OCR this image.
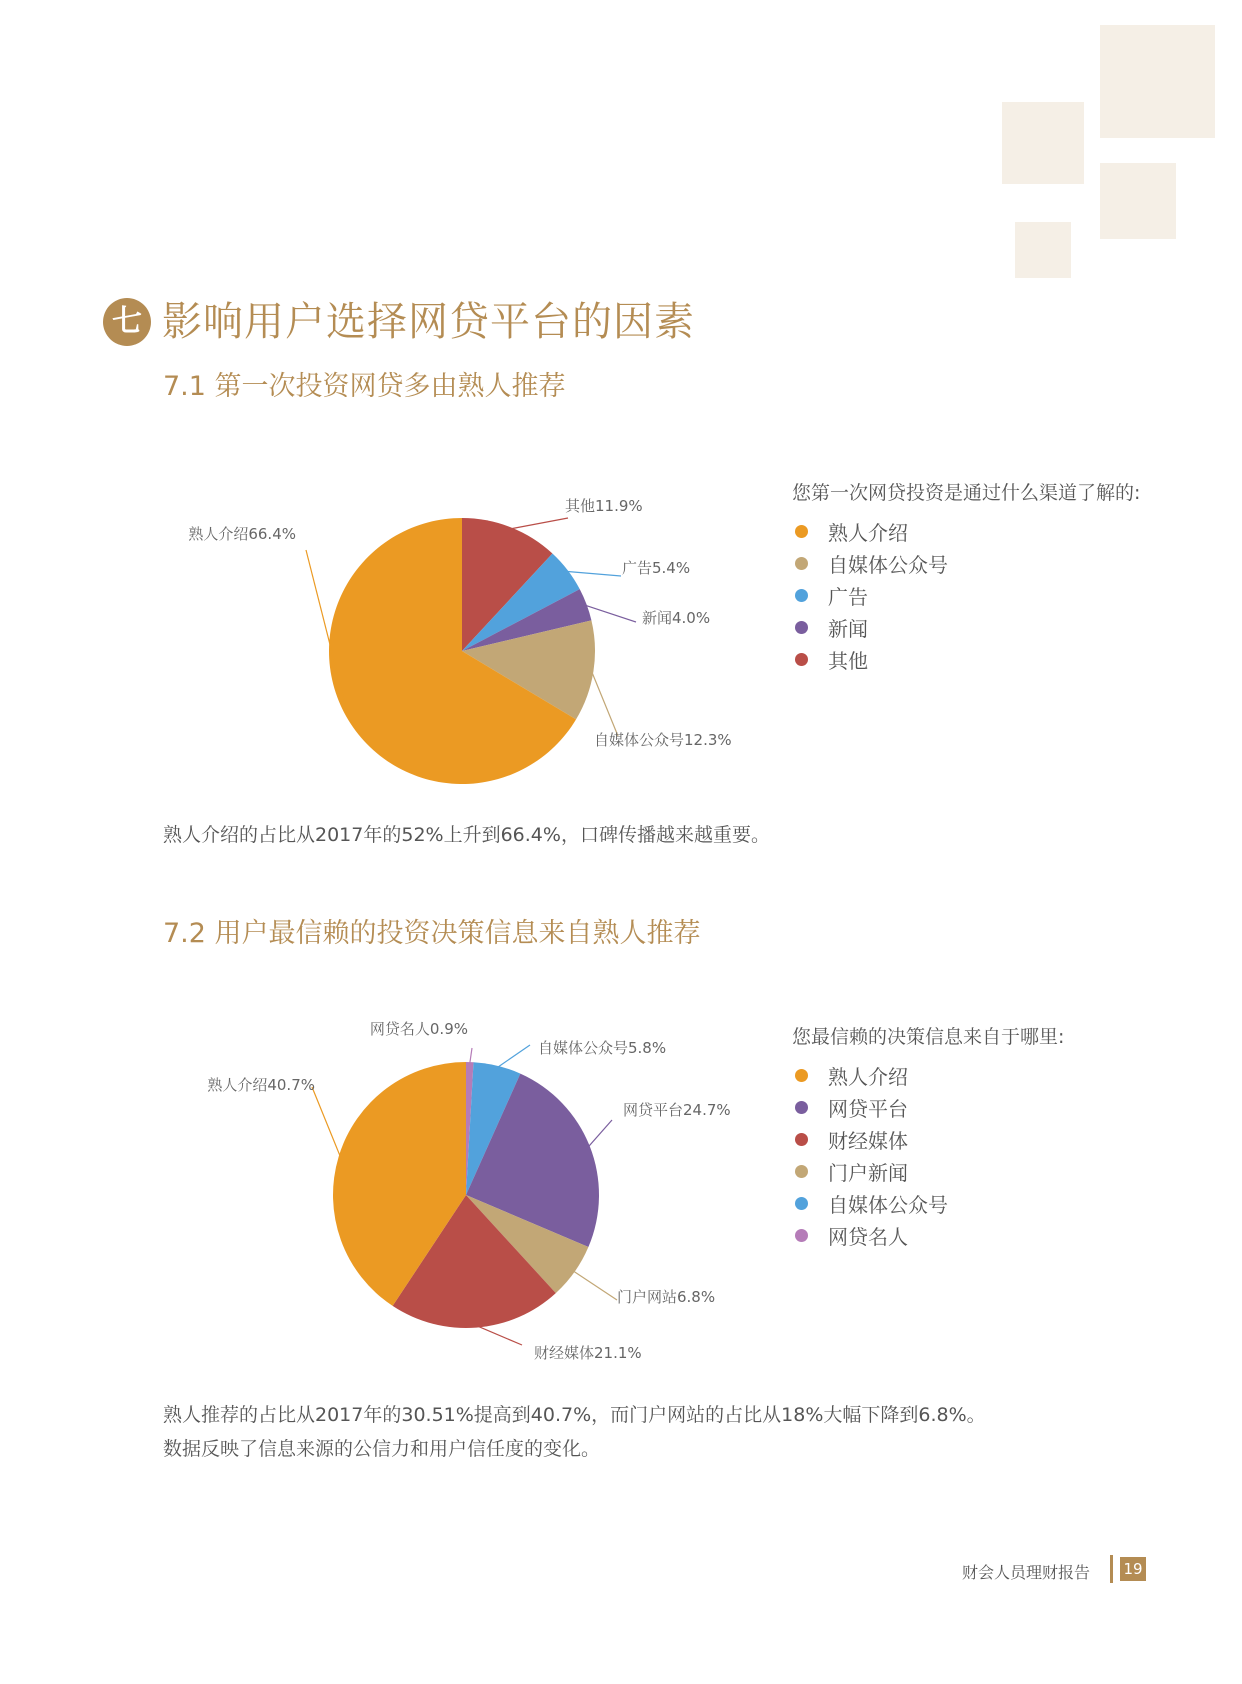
七 影响用户选择网贷平台的因素
7.1 第一次投资网贷多由熟人推荐
其他11.9%
广告5.4%
新闻4.0%
自媒体公众号12.3%
熟人介绍66.4%
您第一次网贷投资是通过什么渠道了解的:
熟人介绍
自媒体公众号
广告
新闻
其他
熟人介绍的占比从2017年的52%上升到66.4%，口碑传播越来越重要。
7.2 用户最信赖的投资决策信息来自熟人推荐
网贷名人0.9%
自媒体公众号5.8%
网贷平台24.7%
门户网站6.8%
财经媒体21.1%
熟人介绍40.7%
您最信赖的决策信息来自于哪里:
熟人介绍
网贷平台
财经媒体
门户新闻
自媒体公众号
网贷名人
熟人推荐的占比从2017年的30.51%提高到40.7%，而门户网站的占比从18%大幅下降到6.8%。
数据反映了信息来源的公信力和用户信任度的变化。
财会人员理财报告 19
